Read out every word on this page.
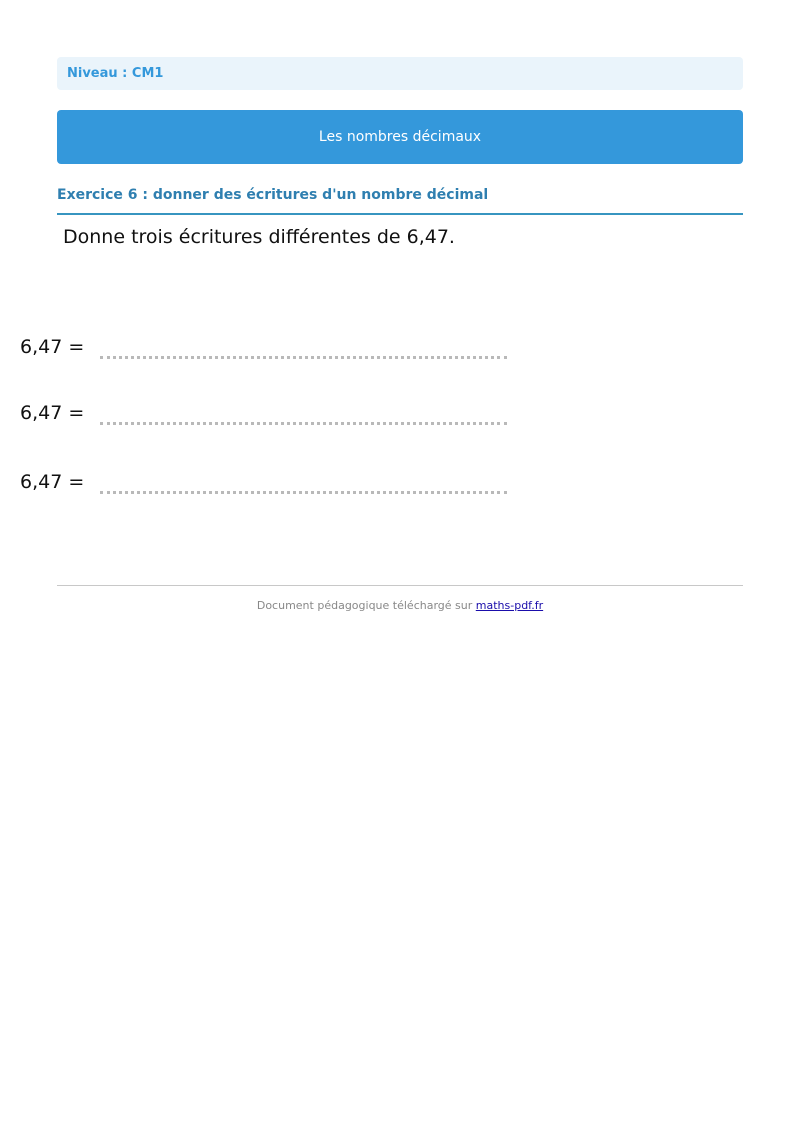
Niveau : CM1
Les nombres décimaux
Exercice 6 : donner des écritures d'un nombre décimal
Donne trois écritures différentes de 6,47.
6,47 =
6,47 =
6,47 =
Document pédagogique téléchargé sur maths-pdf.fr
